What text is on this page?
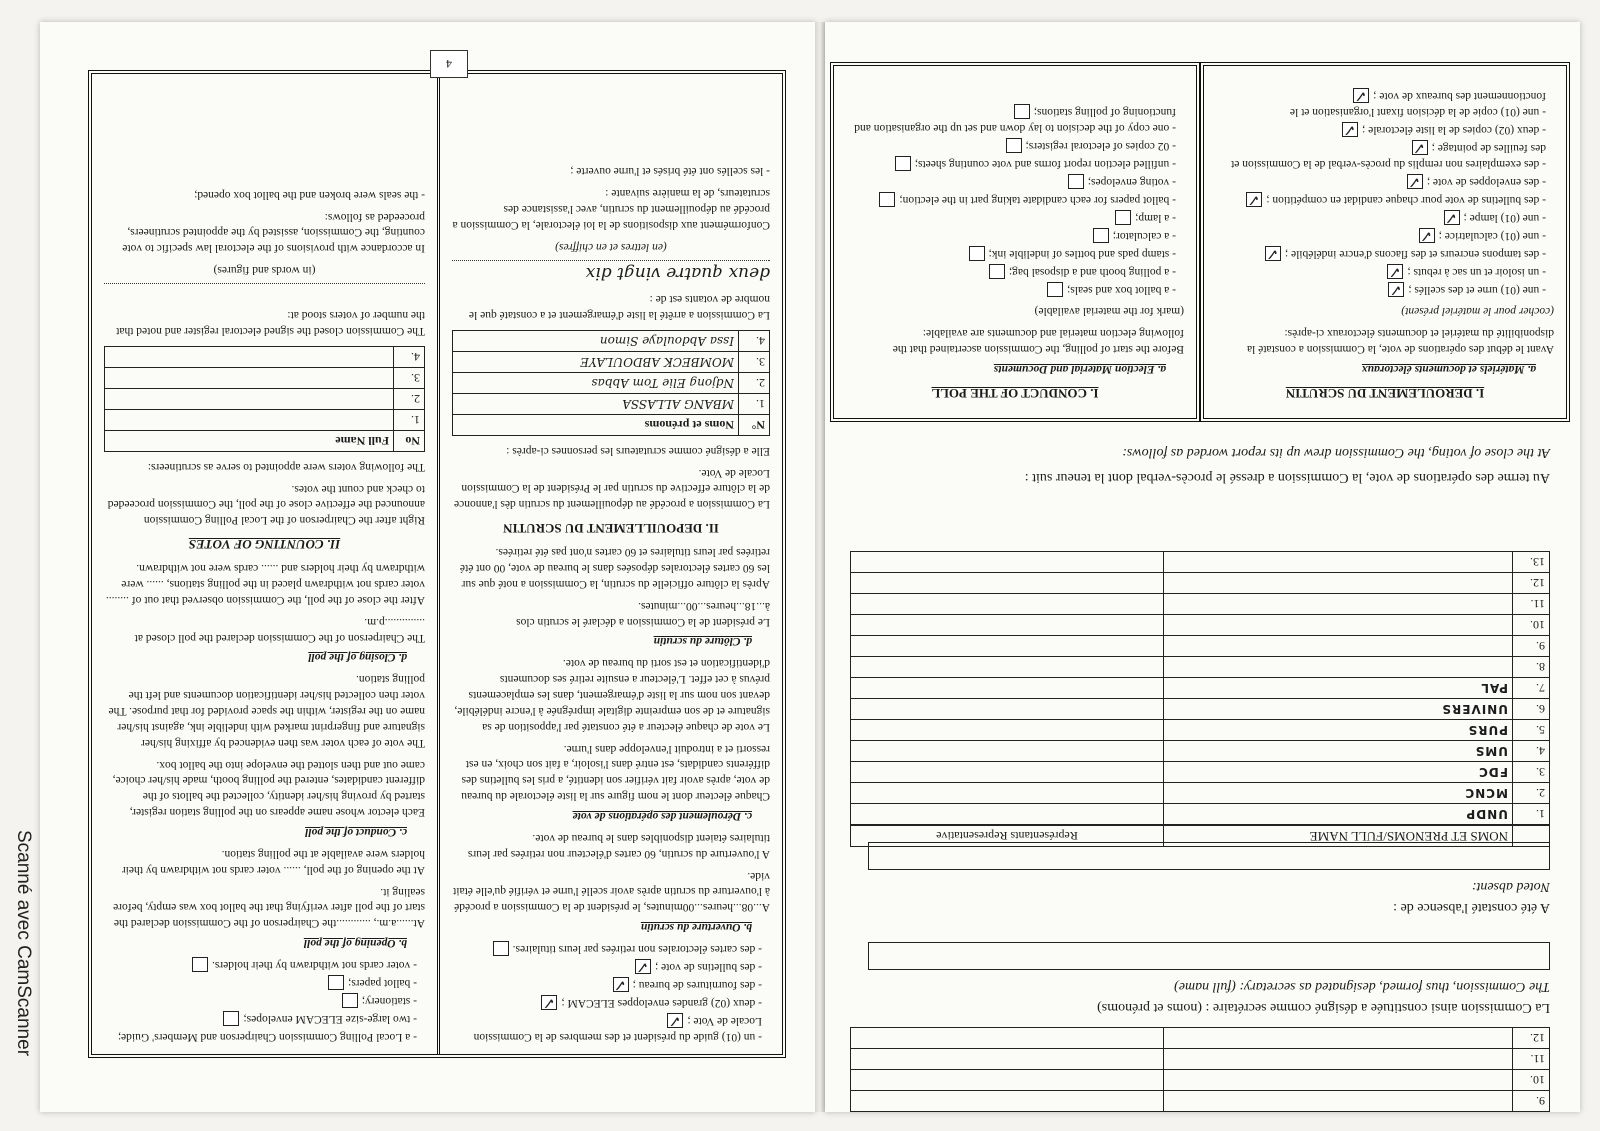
Scanné avec CamScanner	- un (01) guide du président et des membres de la Commission Locale de Vote ;✓
- deux (02) grandes enveloppes ELECAM ;✓
- des fournitures de bureau ;✓
- des bulletins de vote ;✓
- des cartes électorales non retirées par leurs titulaires.
b. Ouverture du scrutin

A...08...heures...00minutes, le président de la Commission a procédé à l'ouverture du scrutin après avoir scellé l'urne et vérifié qu'elle était vide.

A l'ouverture du scrutin, 60 cartes d'électeur non retirées par leurs titulaires étaient disponibles dans le bureau de vote.

c. Déroulement des opérations de vote

Chaque électeur dont le nom figure sur la liste électorale du bureau de vote, après avoir fait vérifier son identité, a pris les bulletins des différents candidats, est entré dans l'isoloir, a fait son choix, en est ressorti et a introduit l'enveloppe dans l'urne.

Le vote de chaque électeur a été constaté par l'apposition de sa signature et de son empreinte digitale imprégnée à l'encre indélébile, devant son nom sur la liste d'émargement, dans les emplacements prévus à cet effet. L'électeur a ensuite retiré ses documents d'identification et est sorti du bureau de vote.

d. Clôture du scrutin

Le président de la Commission a déclaré le scrutin clos à...18...heures...00...minutes.

Après la clôture officielle du scrutin, la Commission a noté que sur les 60 cartes électorales déposées dans le bureau de vote, 00 ont été retirées par leurs titulaires et 60 cartes n'ont pas été retirées.

II. DEPOUILLEMENT DU SCRUTIN

La Commission a procédé au dépouillement du scrutin dès l'annonce de la clôture effective du scrutin par le Président de la Commission Locale de Vote.

Elle a désigné comme scrutateurs les personnes ci-après :

N°	Noms et prénoms
1.	MBANG ALLASSA
2.	Ndjong Elie Tom Abbas
3.	MOMBECK ABDOULAYE
4.	Issa Abdoulaye Simon

La Commission a arrêté la liste d'émargement et a constaté que le nombre de votants est de :

deux quatre vingt dix

(en lettres et en chiffres)

Conformément aux dispositions de la loi électorale, la Commission a procédé au dépouillement du scrutin, avec l'assistance des scrutateurs, de la manière suivante :

- les scellés ont été brisés et l'urne ouverte ;

- a Local Polling Commission Chairperson and Members' Guide;
- two large-size ELECAM envelopes;
- stationery;
- ballot papers;
- voter cards not withdrawn by their holders.
b. Opening of the poll

At......a.m., ............the Chairperson of the Commission declared the start of the poll after verifying that the ballot box was empty, before sealing it.

At the opening of the poll, ...... voter cards not withdrawn by their holders were available at the polling station.

c. Conduct of the poll

Each elector whose name appears on the polling station register, started by proving his/her identity, collected the ballots of the different candidates, entered the polling booth, made his/her choice, came out and then slotted the envelope into the ballot box.

The vote of each voter was then evidenced by affixing his/her signature and fingerprint marked with indelible ink, against his/her name on the register, within the space provided for that purpose. The voter then collected his/her identification documents and left the polling station.

d. Closing of the poll

The Chairperson of the Commission declared the poll closed at ..............p.m.

After the close of the poll, the Commission observed that out of ........ voter cards not withdrawn placed in the polling stations, ...... were withdrawn by their holders and ...... cards were not withdrawn.

II. COUNTING OF VOTES

Right after the Chairperson of the Local Polling Commission announced the effective close of the poll, the Commission proceeded to check and count the votes.

The following voters were appointed to serve as scrutineers:

No	Full Name
1.	
2.	
3.	
4.	

The Commission closed the signed electoral register and noted that the number of voters stood at:

(in words and figures)

In accordance with provisions of the electoral law specific to vote counting, the Commission, assisted by the appointed scrutineers, proceeded as follows:

- the seals were broken and the ballot box opened;

4
I. DEROULEMENT DU SCRUTIN
a. Matériels et documents électoraux

Avant le début des opérations de vote, la Commission a constaté la disponibilité du matériel et documents électoraux ci-après:

(cocher pour le matériel présent)

- une (01) urne et des scellés ;✓
- un isoloir et un sac à rebuts ;✓
- des tampons encreurs et des flacons d'encre indélébile ;✓
- une (01) calculatrice ;✓
- une (01) lampe ;✓
- des bulletins de vote pour chaque candidat en compétition ;✓
- des enveloppes de vote ;✓
- des exemplaires non remplis du procès-verbal de la Commission et des feuilles de pointage ;✓
- deux (02) copies de la liste électorale ;✓
- une (01) copie de la décision fixant l'organisation et le fonctionnement des bureaux de vote ;✓
I. CONDUCT OF THE POLL
a. Election Material and Documents

Before the start of polling, the Commission ascertained that the following election material and documents are available:

(mark for the material available)

- a ballot box and seals;
- a polling booth and a disposal bag;
- stamp pads and bottles of indelible ink;
- a calculator;
- a lamp;
- ballot papers for each candidate taking part in the election;
- voting envelopes;
- unfilled election report forms and vote counting sheets;
- 02 copies of electoral registers;
- one copy of the decision to lay down and set up the organisation and functioning of polling stations;

Au terme des opérations de vote, la Commission a dressé le procès-verbal dont la teneur suit :

At the close of voting, the Commission drew up its report worded as follows:

	NOMS ET PRENOMS/FULL NAME	Représentants Representative
1.	UNDP	
2.	MCNC	
3.	FDC	
4.	UMS	
5.	PURS	
6.	UNIVERS	
7.	PAL	
8.		
9.		
10.		
11.		
12.		
13.		

A été constaté l'absence de :

Noted absent:

La Commission ainsi constituée a désigné comme secrétaire : (noms et prénoms)

The Commission, thus formed, designated as secretary: (full name)

9.		
10.		
11.		
12.		
